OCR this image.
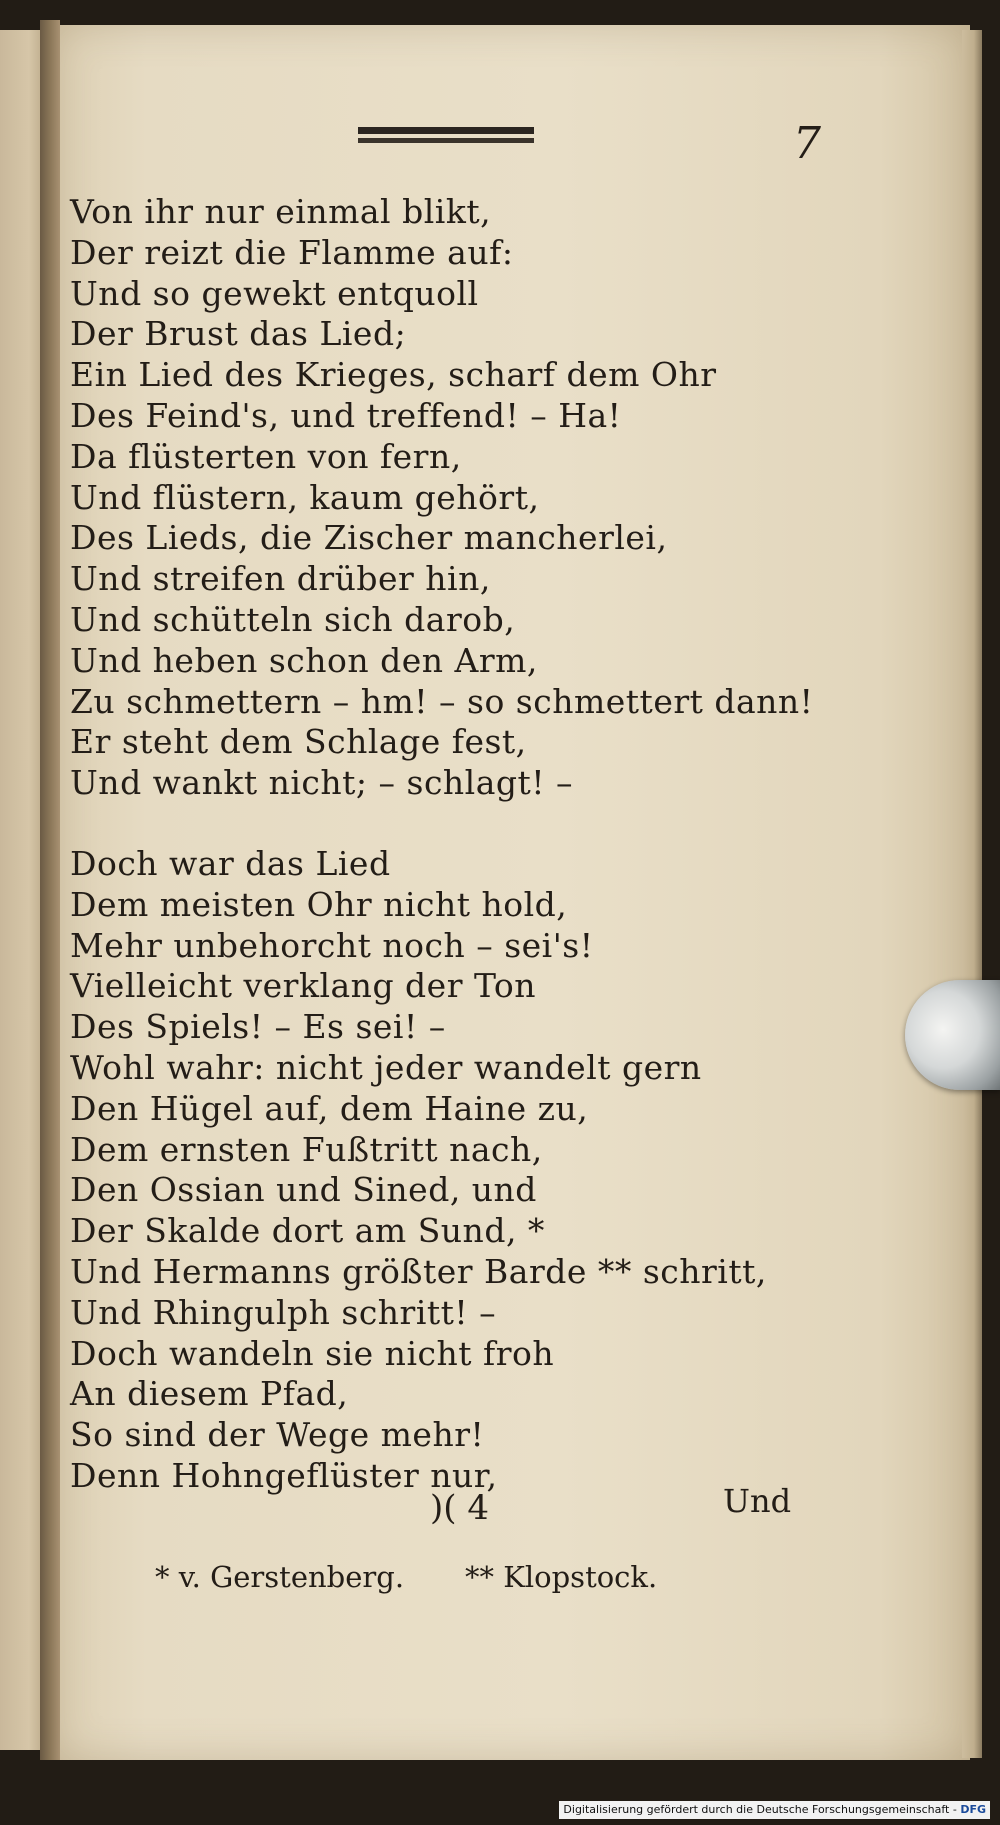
7
Von ihr nur einmal blikt,
Der reizt die Flamme auf:
Und so gewekt entquoll
Der Brust das Lied;
Ein Lied des Krieges, scharf dem Ohr
Des Feind's, und treffend! – Ha!
Da flüsterten von fern,
Und flüstern, kaum gehört,
Des Lieds, die Zischer mancherlei,
Und streifen drüber hin,
Und schütteln sich darob,
Und heben schon den Arm,
Zu schmettern – hm! – so schmettert dann!
Er steht dem Schlage fest,
Und wankt nicht; – schlagt! –
Doch war das Lied
Dem meisten Ohr nicht hold,
Mehr unbehorcht noch – sei's!
Vielleicht verklang der Ton
Des Spiels! – Es sei! –
Wohl wahr: nicht jeder wandelt gern
Den Hügel auf, dem Haine zu,
Dem ernsten Fußtritt nach,
Den Ossian und Sined, und
Der Skalde dort am Sund, *
Und Hermanns größter Barde ** schritt,
Und Rhingulph schritt! –
Doch wandeln sie nicht froh
An diesem Pfad,
So sind der Wege mehr!
Denn Hohngeflüster nur,
)( 4	Und
* v. Gerstenberg. ** Klopstock.
Digitalisierung gefördert durch die Deutsche Forschungsgemeinschaft - DFG
